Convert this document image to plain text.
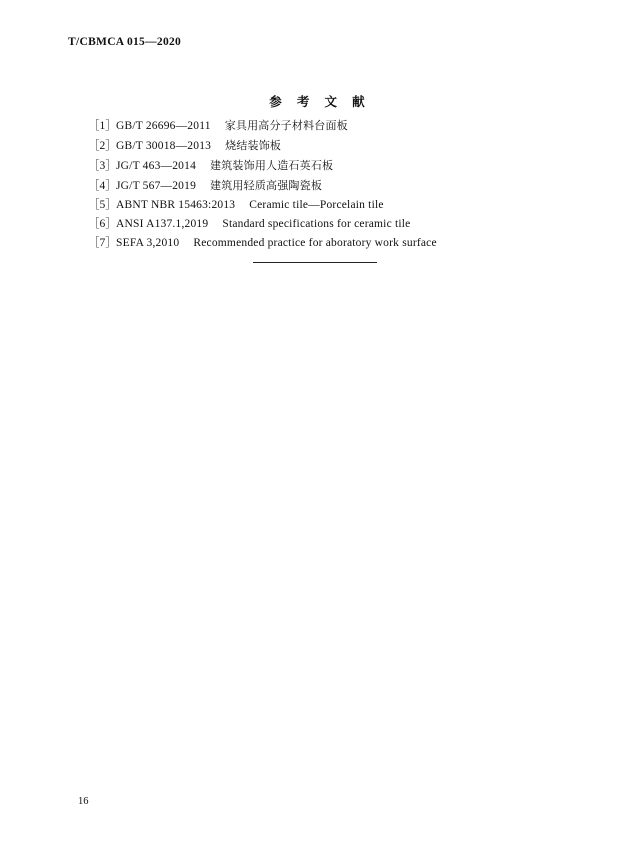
T/CBMCA 015—2020
参 考 文 献
［1］ GB/T 26696—2011 家具用高分子材料台面板
［2］ GB/T 30018—2013 烧结装饰板
［3］ JG/T 463—2014 建筑装饰用人造石英石板
［4］ JG/T 567—2019 建筑用轻质高强陶瓷板
［5］ ABNT NBR 15463:2013 Ceramic tile—Porcelain tile
［6］ ANSI A137.1,2019 Standard specifications for ceramic tile
［7］ SEFA 3,2010 Recommended practice for aboratory work surface
16
